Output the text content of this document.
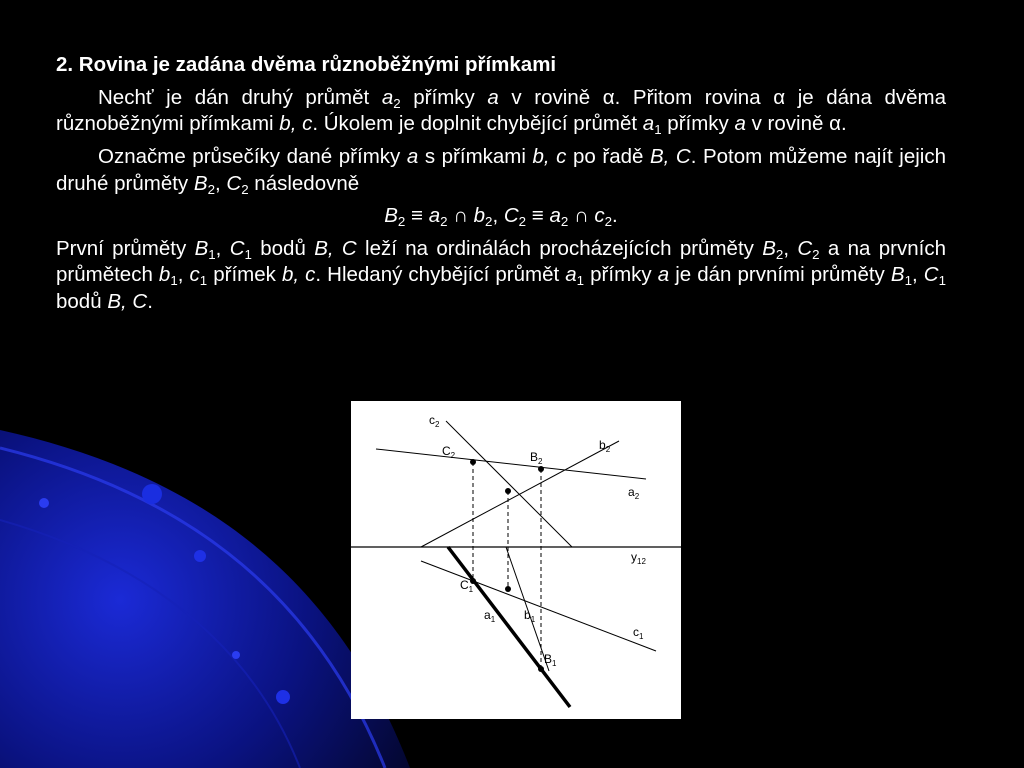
2. Rovina je zadána dvěma různoběžnými přímkami
Nechť je dán druhý průmět $a_2$ přímky a v rovině α. Přitom rovina α je dána dvěma různoběžnými přímkami b, c. Úkolem je doplnit chybějící průmět $a_1$ přímky a v rovině α.
Označme průsečíky dané přímky a s přímkami b, c po řadě B, C. Potom můžeme najít jejich druhé průměty $B_2$, $C_2$ následovně
$B_2 \equiv a_2$ ∩ $b_2$, $C_2 \equiv a_2$ ∩ $c_2$.
První průměty $B_1$, $C_1$ bodů B, C leží na ordinálách procházejících průměty $B_2$, $C_2$ a na prvních průmětech $b_1$, $c_1$ přímek b, c. Hledaný chybějící průmět $a_1$ přímky a je dán prvními průměty $B_1$, $C_1$ bodů B, C.
$c_2$
$C_2$	$B_2$
$b_2$
$a_2$
$y_{12}$
$C_1$
$a_1$ $b_1$
$c_1$
$B_1$
